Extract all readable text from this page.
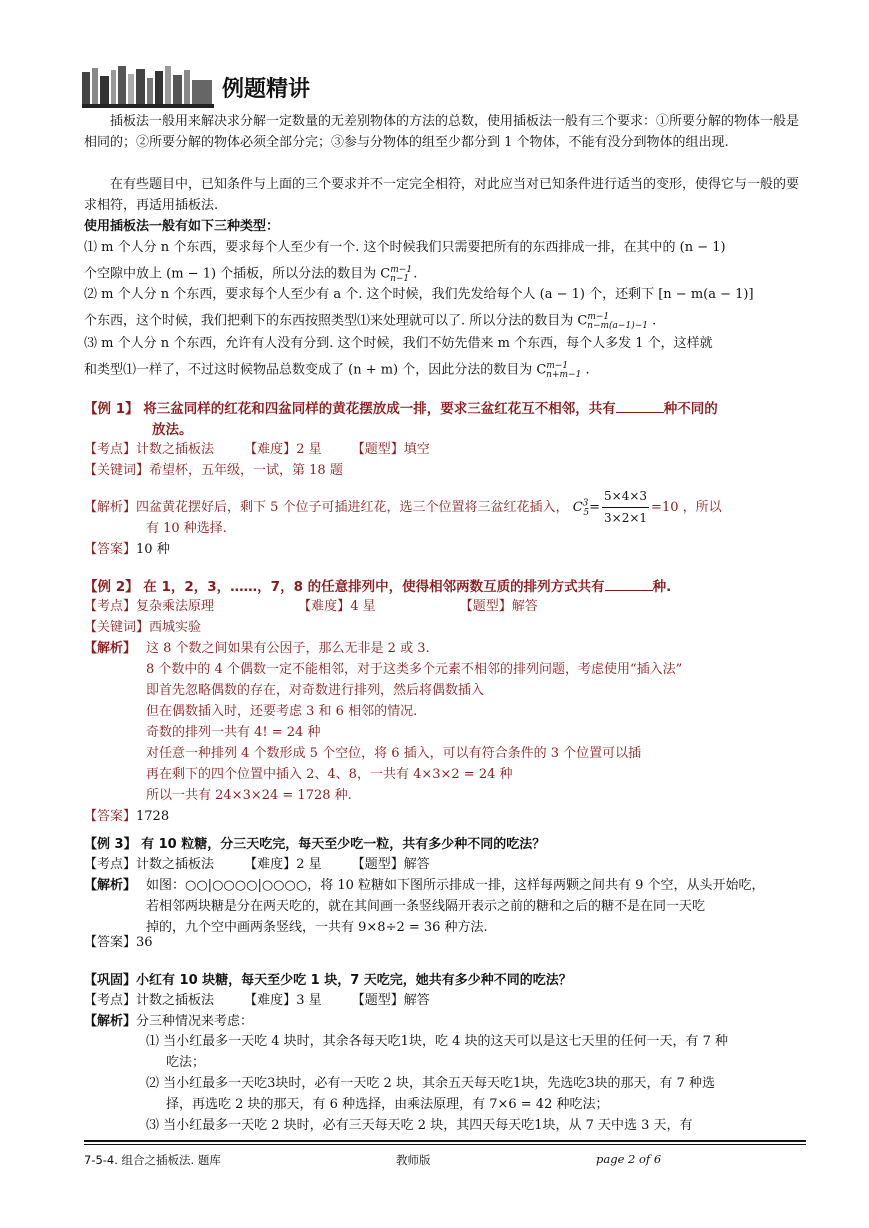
例题精讲
插板法一般用来解决求分解一定数量的无差别物体的方法的总数，使用插板法一般有三个要求：①所要分解的物体一般是相同的；②所要分解的物体必须全部分完；③参与分物体的组至少都分到 1 个物体，不能有没分到物体的组出现.
在有些题目中，已知条件与上面的三个要求并不一定完全相符，对此应当对已知条件进行适当的变形，使得它与一般的要求相符，再适用插板法.
使用插板法一般有如下三种类型：
⑴ m 个人分 n 个东西，要求每个人至少有一个. 这个时候我们只需要把所有的东西排成一排，在其中的 (n − 1)
个空隙中放上 (m − 1) 个插板，所以分法的数目为 $C^{m-1}_{n-1}$ .
⑵ m 个人分 n 个东西，要求每个人至少有 a 个. 这个时候，我们先发给每个人 (a − 1) 个，还剩下 [n − m(a − 1)]
个东西，这个时候，我们把剩下的东西按照类型⑴来处理就可以了. 所以分法的数目为 $C^{m-1}_{n-m(a-1)-1}$ .
⑶ m 个人分 n 个东西，允许有人没有分到. 这个时候，我们不妨先借来 m 个东西，每个人多发 1 个，这样就
和类型⑴一样了，不过这时候物品总数变成了 (n + m) 个，因此分法的数目为 $C^{m-1}_{n+m-1}$ .
【例 1】 将三盆同样的红花和四盆同样的黄花摆放成一排，要求三盆红花互不相邻，共有	种不同的
放法。
【考点】计数之插板法 【难度】2 星 【题型】填空
【关键词】希望杯，五年级，一试，第 18 题
【解析】四盆黄花摆好后，剩下 5 个位子可插进红花，选三个位置将三盆红花插入， $C^3_5= \frac{5\times 4\times 3}{3\times 2\times 1} =10$ ，所以
有 10 种选择.
【答案】10 种
【例 2】 在 1，2，3，……，7，8 的任意排列中，使得相邻两数互质的排列方式共有	种.
【考点】复杂乘法原理	【难度】4 星	【题型】解答
【关键词】西城实验
【解析】 这 8 个数之间如果有公因子，那么无非是 2 或 3.
8 个数中的 4 个偶数一定不能相邻，对于这类多个元素不相邻的排列问题，考虑使用“插入法”
即首先忽略偶数的存在，对奇数进行排列，然后将偶数插入
但在偶数插入时，还要考虑 3 和 6 相邻的情况.
奇数的排列一共有 4! = 24 种
对任意一种排列 4 个数形成 5 个空位，将 6 插入，可以有符合条件的 3 个位置可以插
再在剩下的四个位置中插入 2、4、8，一共有 4×3×2 = 24 种
所以一共有 24×3×24 = 1728 种.
【答案】1728
【例 3】 有 10 粒糖，分三天吃完，每天至少吃一粒，共有多少种不同的吃法？
【考点】计数之插板法 【难度】2 星 【题型】解答
【解析】 如图：○○|○○○○|○○○○，将 10 粒糖如下图所示排成一排，这样每两颗之间共有 9 个空，从头开始吃，
若相邻两块糖是分在两天吃的，就在其间画一条竖线隔开表示之前的糖和之后的糖不是在同一天吃
掉的，九个空中画两条竖线，一共有 9×8÷2 = 36 种方法.
【答案】36
【巩固】小红有 10 块糖，每天至少吃 1 块，7 天吃完，她共有多少种不同的吃法？
【考点】计数之插板法 【难度】3 星 【题型】解答
【解析】分三种情况来考虑：
⑴ 当小红最多一天吃 4 块时，其余各每天吃1块，吃 4 块的这天可以是这七天里的任何一天，有 7 种
吃法；
⑵ 当小红最多一天吃3块时，必有一天吃 2 块，其余五天每天吃1块，先选吃3块的那天，有 7 种选
择，再选吃 2 块的那天，有 6 种选择，由乘法原理，有 7×6 = 42 种吃法；
⑶ 当小红最多一天吃 2 块时，必有三天每天吃 2 块，其四天每天吃1块，从 7 天中选 3 天，有
7-5-4. 组合之插板法. 题库	教师版	page 2 of 6
